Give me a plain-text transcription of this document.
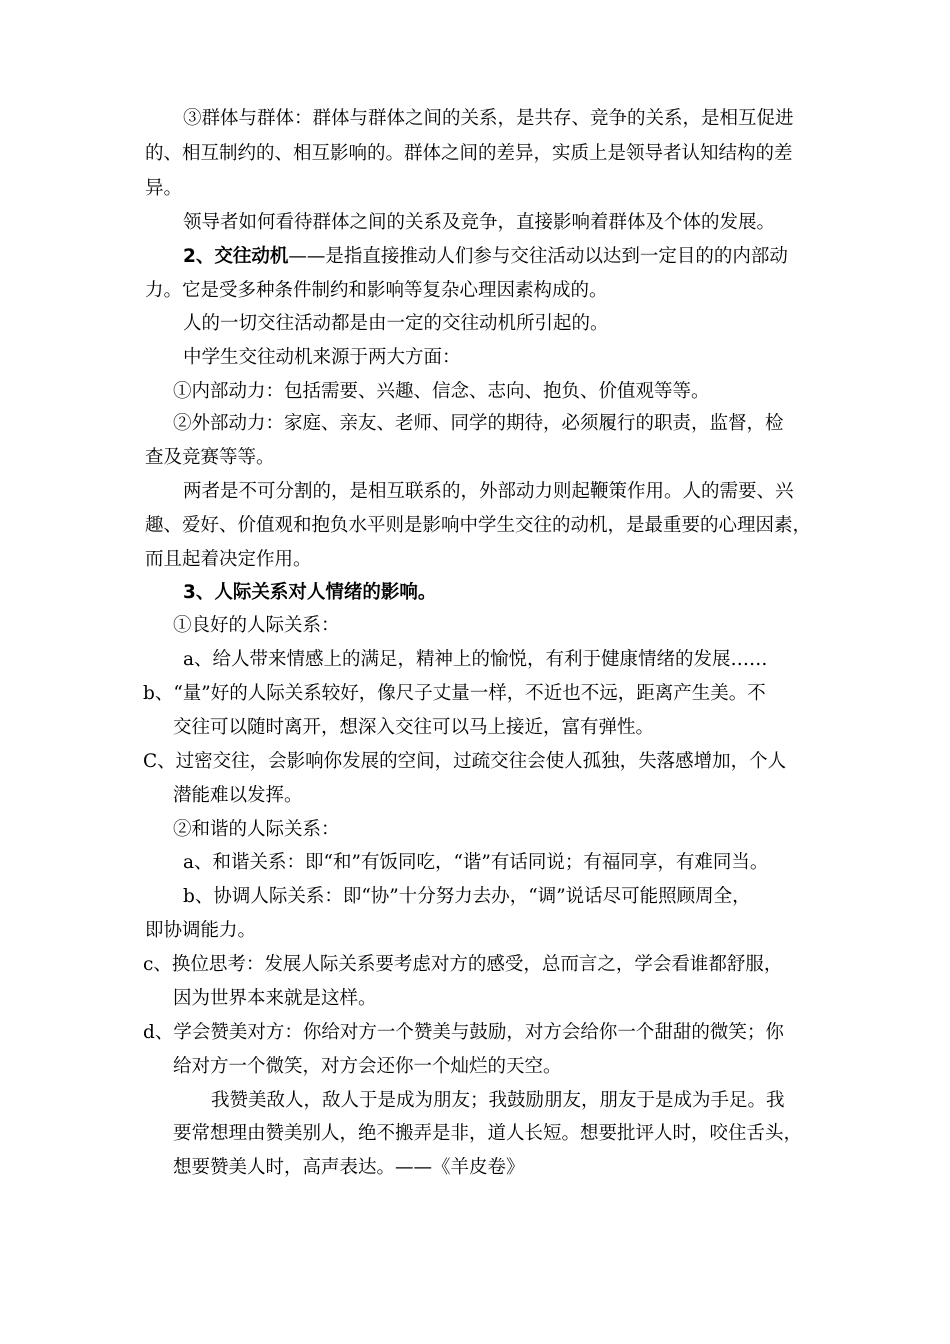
③群体与群体：群体与群体之间的关系，是共存、竞争的关系，是相互促进
的、相互制约的、相互影响的。群体之间的差异，实质上是领导者认知结构的差
异。
领导者如何看待群体之间的关系及竞争，直接影响着群体及个体的发展。
2、交往动机——是指直接推动人们参与交往活动以达到一定目的的内部动
力。它是受多种条件制约和影响等复杂心理因素构成的。
人的一切交往活动都是由一定的交往动机所引起的。
中学生交往动机来源于两大方面：
①内部动力：包括需要、兴趣、信念、志向、抱负、价值观等等。
②外部动力：家庭、亲友、老师、同学的期待，必须履行的职责，监督，检
查及竞赛等等。
两者是不可分割的，是相互联系的，外部动力则起鞭策作用。人的需要、兴
趣、爱好、价值观和抱负水平则是影响中学生交往的动机，是最重要的心理因素，
而且起着决定作用。
3、人际关系对人情绪的影响。
①良好的人际关系：
a、给人带来情感上的满足，精神上的愉悦，有利于健康情绪的发展……
b、“量”好的人际关系较好，像尺子丈量一样，不近也不远，距离产生美。不
交往可以随时离开，想深入交往可以马上接近，富有弹性。
C、过密交往，会影响你发展的空间，过疏交往会使人孤独，失落感增加，个人
潜能难以发挥。
②和谐的人际关系：
a、和谐关系：即“和”有饭同吃，“谐”有话同说；有福同享，有难同当。
b、协调人际关系：即“协”十分努力去办，“调”说话尽可能照顾周全，
即协调能力。
c、换位思考：发展人际关系要考虑对方的感受，总而言之，学会看谁都舒服，
因为世界本来就是这样。
d、学会赞美对方：你给对方一个赞美与鼓励，对方会给你一个甜甜的微笑；你
给对方一个微笑，对方会还你一个灿烂的天空。
我赞美敌人，敌人于是成为朋友；我鼓励朋友，朋友于是成为手足。我
要常想理由赞美别人，绝不搬弄是非，道人长短。想要批评人时，咬住舌头，
想要赞美人时，高声表达。——《羊皮卷》
